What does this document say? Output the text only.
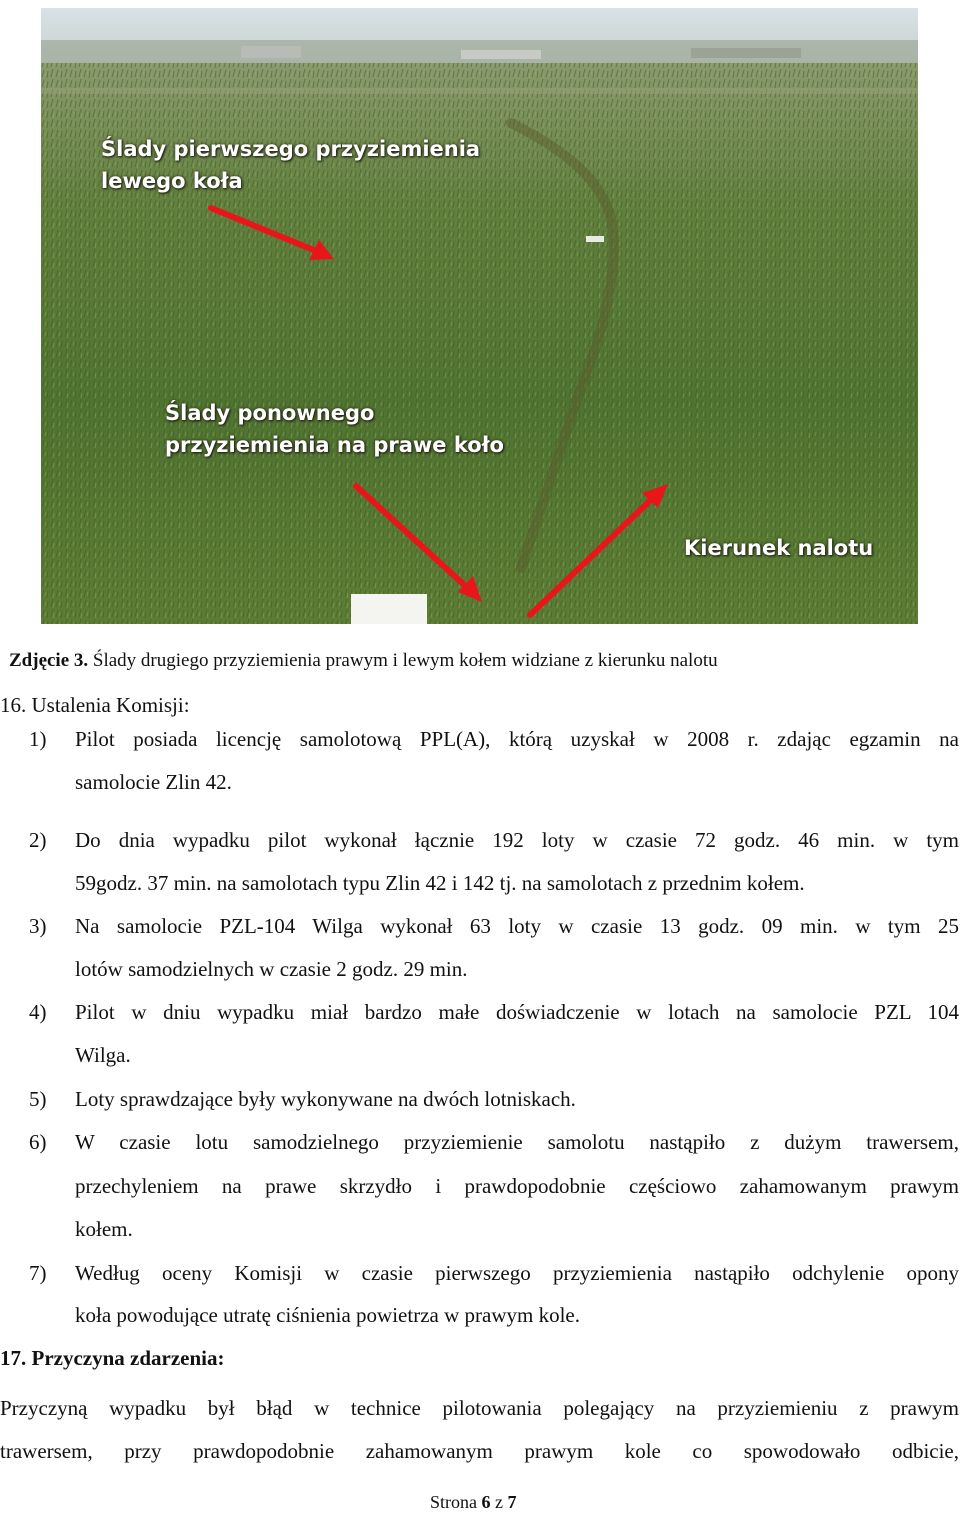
Ślady pierwszego przyziemienia
lewego koła
Ślady ponownego
przyziemienia na prawe koło
Kierunek nalotu
Zdjęcie 3. Ślady drugiego przyziemienia prawym i lewym kołem widziane z kierunku nalotu
16. Ustalenia Komisji:
1) Pilot posiada licencję samolotową PPL(A), którą uzyskał w 2008 r. zdając egzamin na
samolocie Zlin 42.
2) Do dnia wypadku pilot wykonał łącznie 192 loty w czasie 72 godz. 46 min. w tym
59godz. 37 min. na samolotach typu Zlin 42 i 142 tj. na samolotach z przednim kołem.
3) Na samolocie PZL-104 Wilga wykonał 63 loty w czasie 13 godz. 09 min. w tym 25
lotów samodzielnych w czasie 2 godz. 29 min.
4) Pilot w dniu wypadku miał bardzo małe doświadczenie w lotach na samolocie PZL 104
Wilga.
5) Loty sprawdzające były wykonywane na dwóch lotniskach.
6) W czasie lotu samodzielnego przyziemienie samolotu nastąpiło z dużym trawersem,
przechyleniem na prawe skrzydło i prawdopodobnie częściowo zahamowanym prawym
kołem.
7) Według oceny Komisji w czasie pierwszego przyziemienia nastąpiło odchylenie opony
koła powodujące utratę ciśnienia powietrza w prawym kole.
17. Przyczyna zdarzenia:
Przyczyną wypadku był błąd w technice pilotowania polegający na przyziemieniu z prawym
trawersem, przy prawdopodobnie zahamowanym prawym kole co spowodowało odbicie,
Strona 6 z 7
